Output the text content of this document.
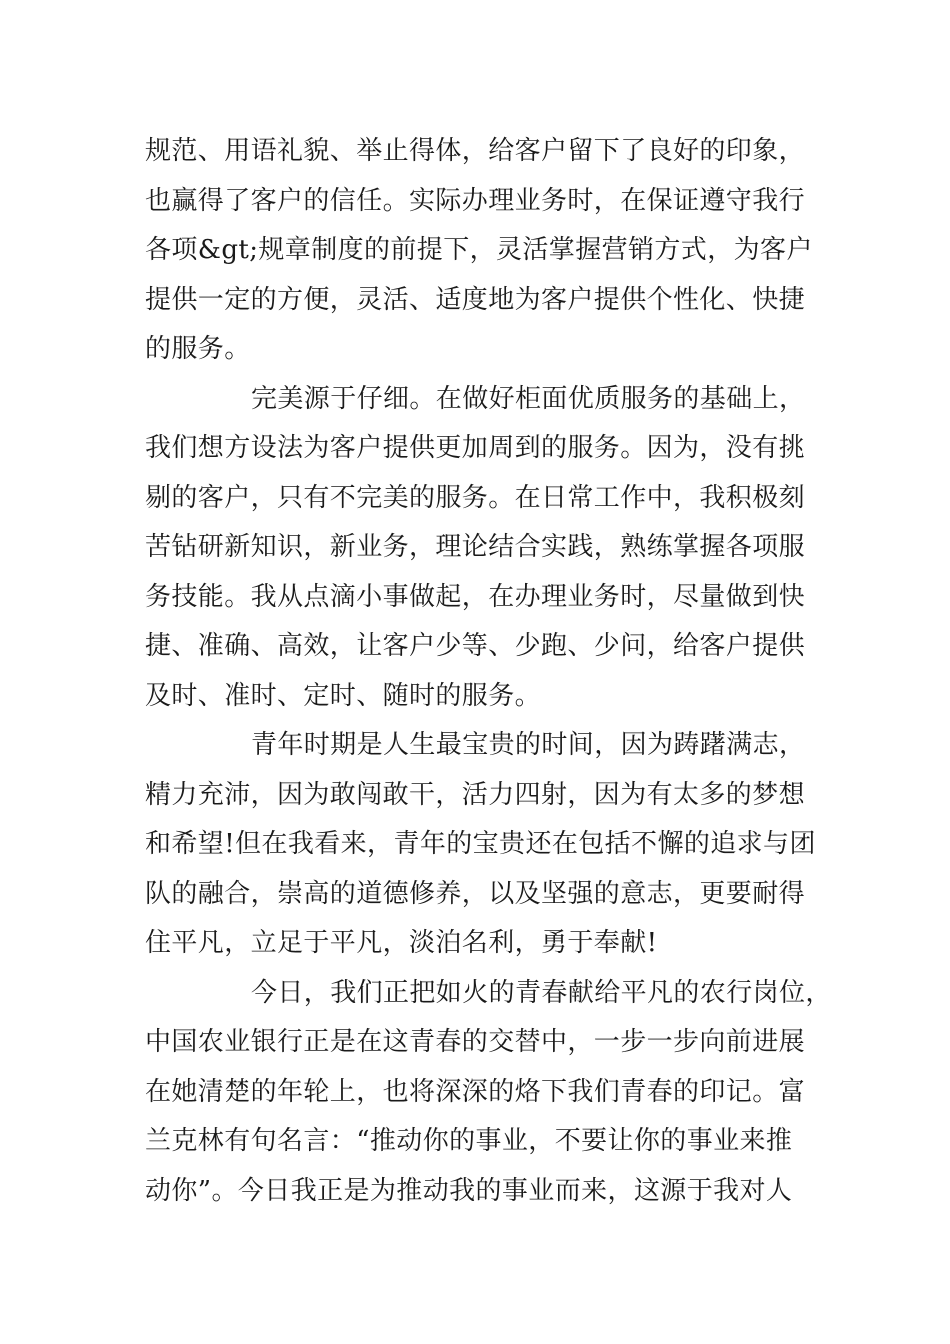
规范、用语礼貌、举止得体，给客户留下了良好的印象，
也赢得了客户的信任。实际办理业务时，在保证遵守我行
各项&gt;规章制度的前提下，灵活掌握营销方式，为客户
提供一定的方便，灵活、适度地为客户提供个性化、快捷
的服务。
完美源于仔细。在做好柜面优质服务的基础上，
我们想方设法为客户提供更加周到的服务。因为，没有挑
剔的客户，只有不完美的服务。在日常工作中，我积极刻
苦钻研新知识，新业务，理论结合实践，熟练掌握各项服
务技能。我从点滴小事做起，在办理业务时，尽量做到快
捷、准确、高效，让客户少等、少跑、少问，给客户提供
及时、准时、定时、随时的服务。
青年时期是人生最宝贵的时间，因为踌躇满志，
精力充沛，因为敢闯敢干，活力四射，因为有太多的梦想
和希望!但在我看来，青年的宝贵还在包括不懈的追求与团
队的融合，崇高的道德修养，以及坚强的意志，更要耐得
住平凡，立足于平凡，淡泊名利，勇于奉献!
今日，我们正把如火的青春献给平凡的农行岗位，
中国农业银行正是在这青春的交替中，一步一步向前进展
在她清楚的年轮上，也将深深的烙下我们青春的印记。富
兰克林有句名言：“推动你的事业，不要让你的事业来推
动你”。今日我正是为推动我的事业而来，这源于我对人
